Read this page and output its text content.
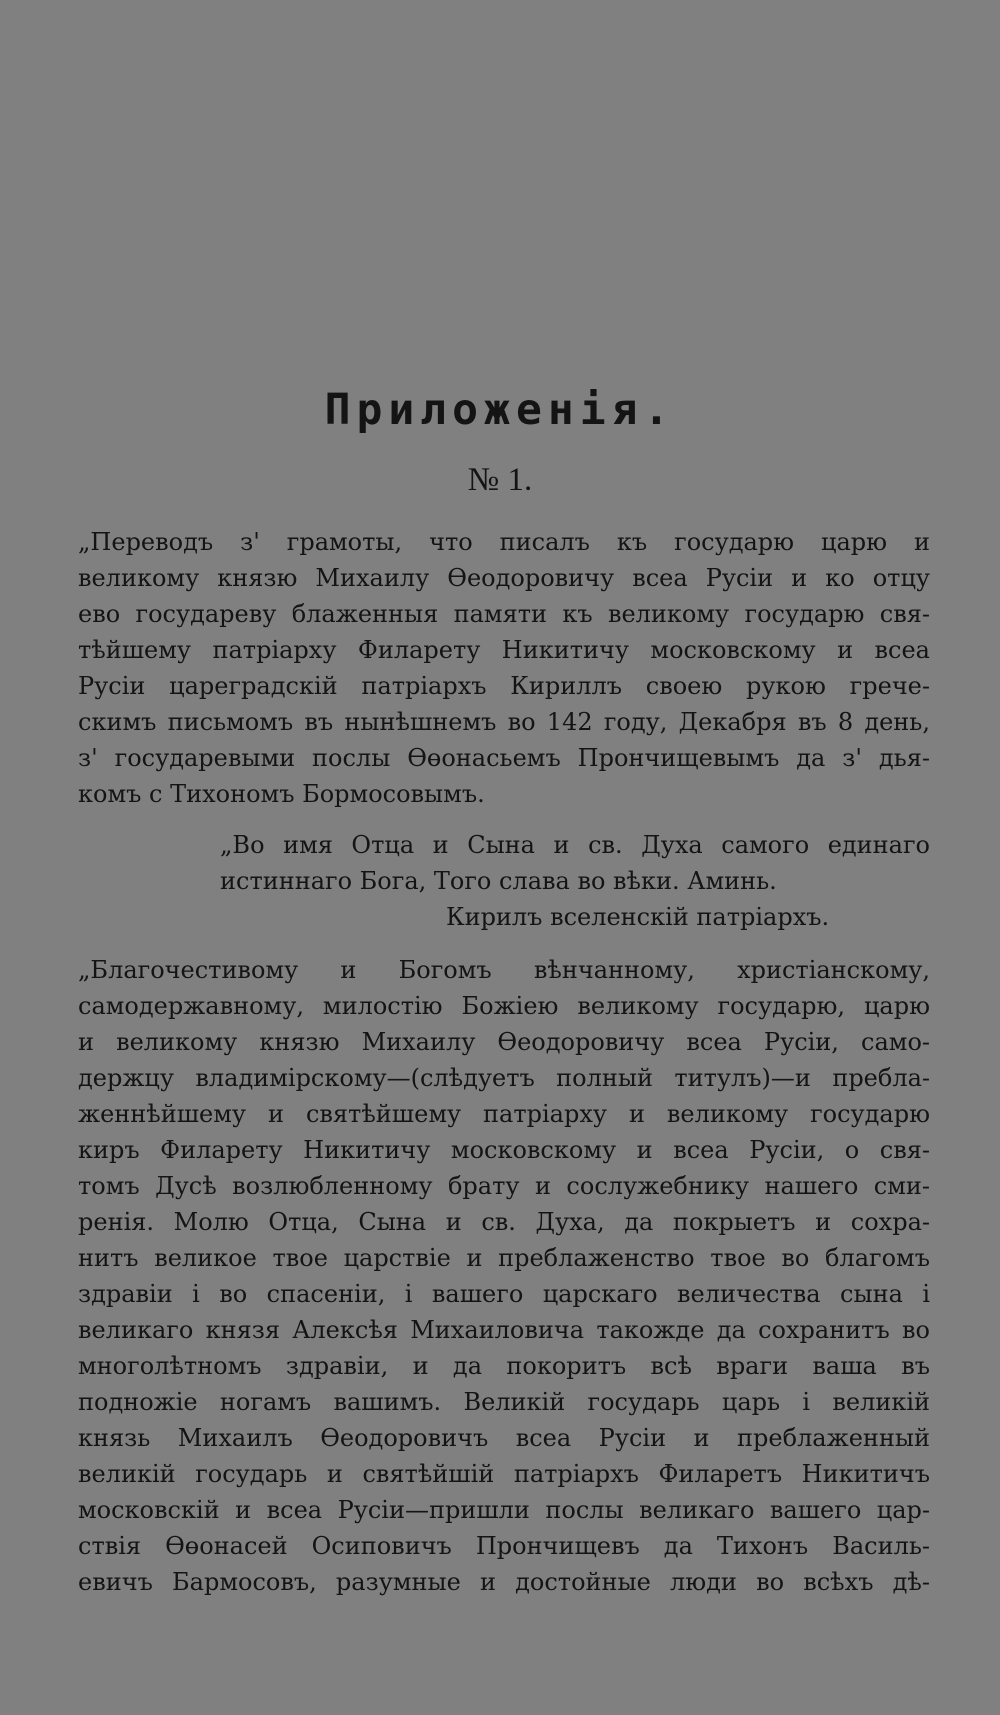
Приложенія.
№ 1.
„Переводъ з' грамоты, что писалъ къ государю царю и
великому князю Михаилу Өеодоровичу всеа Русіи и ко отцу
ево государеву блаженныя памяти къ великому государю свя-
тѣйшему патріарху Филарету Никитичу московскому и всеа
Русіи цареградскій патріархъ Кириллъ своею рукою грече-
скимъ письмомъ въ нынѣшнемъ во 142 году, Декабря въ 8 день,
з' государевыми послы Өөонасьемъ Прончищевымъ да з' дья-
комъ с Тихономъ Бормосовымъ.
„Во имя Отца и Сына и св. Духа самого единаго
истиннаго Бога, Того слава во вѣки. Аминь.
Кирилъ вселенскій патріархъ.
„Благочестивому и Богомъ вѣнчанному, христіанскому,
самодержавному, милостію Божіею великому государю, царю
и великому князю Михаилу Өеодоровичу всеа Русіи, само-
держцу владимірскому—(слѣдуетъ полный титулъ)—и пребла-
женнѣйшему и святѣйшему патріарху и великому государю
киръ Филарету Никитичу московскому и всеа Русіи, о свя-
томъ Дусѣ возлюбленному брату и сослужебнику нашего сми-
ренія. Молю Отца, Сына и св. Духа, да покрыетъ и сохра-
нитъ великое твое царствіе и преблаженство твое во благомъ
здравіи і во спасеніи, і вашего царскаго величества сына і
великаго князя Алексѣя Михаиловича такожде да сохранитъ во
многолѣтномъ здравіи, и да покоритъ всѣ враги ваша въ
подножіе ногамъ вашимъ. Великій государь царь і великій
князь Михаилъ Өеодоровичъ всеа Русіи и преблаженный
великій государь и святѣйшій патріархъ Филаретъ Никитичъ
московскій и всеа Русіи—пришли послы великаго вашего цар-
ствія Өөонасей Осиповичъ Прончищевъ да Тихонъ Василь-
евичъ Бармосовъ, разумные и достойные люди во всѣхъ дѣ-
